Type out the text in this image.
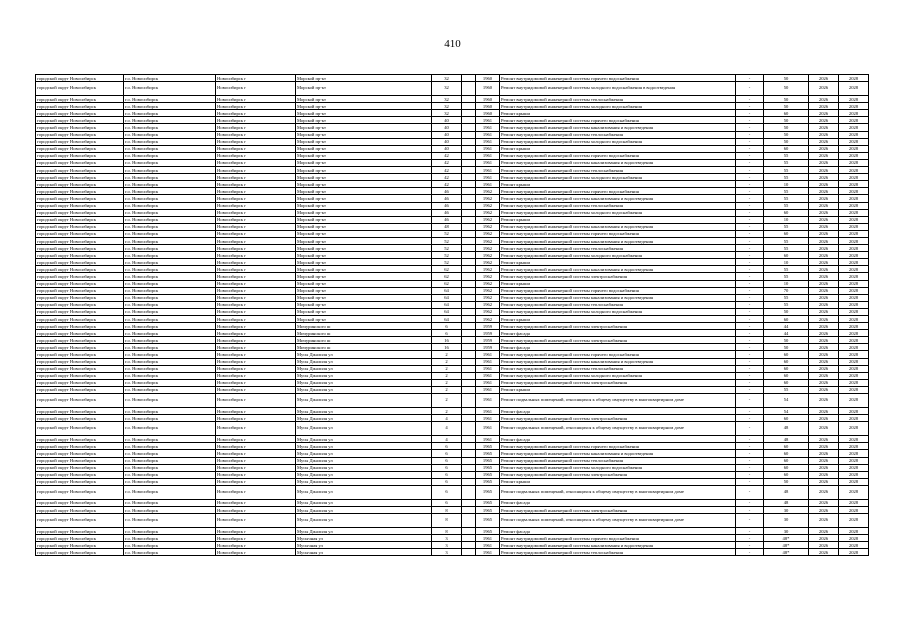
410
городской округ Новосибирск	г.о. Новосибирск	Новосибирск г	Морской пр-кт	32		1960	Ремонт внутридомовой инженерной системы горячего водоснабжения	-	50	2026	2028
городской округ Новосибирск	г.о. Новосибирск	Новосибирск г	Морской пр-кт	32		1960	Ремонт внутридомовой инженерной системы холодного водоснабжения в водоотведения	-	50	2026	2028
городской округ Новосибирск	г.о. Новосибирск	Новосибирск г	Морской пр-кт	32		1960	Ремонт внутридомовой инженерной системы теплоснабжения	-	50	2026	2028
городской округ Новосибирск	г.о. Новосибирск	Новосибирск г	Морской пр-кт	32		1960	Ремонт внутридомовой инженерной системы холодного водоснабжения	-	50	2026	2028
городской округ Новосибирск	г.о. Новосибирск	Новосибирск г	Морской пр-кт	32		1960	Ремонт крыши	-	60	2026	2028
городской округ Новосибирск	г.о. Новосибирск	Новосибирск г	Морской пр-кт	40		1961	Ремонт внутридомовой инженерной системы горячего водоснабжения	-	50	2026	2028
городской округ Новосибирск	г.о. Новосибирск	Новосибирск г	Морской пр-кт	40		1961	Ремонт внутридомовой инженерной системы канализования и водоотведения	-	50	2026	2028
городской округ Новосибирск	г.о. Новосибирск	Новосибирск г	Морской пр-кт	40		1961	Ремонт внутридомовой инженерной системы теплоснабжения	-	50	2026	2028
городской округ Новосибирск	г.о. Новосибирск	Новосибирск г	Морской пр-кт	40		1961	Ремонт внутридомовой инженерной системы холодного водоснабжения	-	50	2026	2028
городской округ Новосибирск	г.о. Новосибирск	Новосибирск г	Морской пр-кт	40		1961	Ремонт крыши	-	60	2026	2028
городской округ Новосибирск	г.о. Новосибирск	Новосибирск г	Морской пр-кт	42		1961	Ремонт внутридомовой инженерной системы горячего водоснабжения	-	55	2026	2028
городской округ Новосибирск	г.о. Новосибирск	Новосибирск г	Морской пр-кт	42		1961	Ремонт внутридомовой инженерной системы канализования и водоотведения	-	55	2026	2028
городской округ Новосибирск	г.о. Новосибирск	Новосибирск г	Морской пр-кт	42		1961	Ремонт внутридомовой инженерной системы теплоснабжения	-	55	2026	2028
городской округ Новосибирск	г.о. Новосибирск	Новосибирск г	Морской пр-кт	42		1961	Ремонт внутридомовой инженерной системы холодного водоснабжения	-	55	2026	2028
городской округ Новосибирск	г.о. Новосибирск	Новосибирск г	Морской пр-кт	42		1961	Ремонт крыши	-	10	2026	2028
городской округ Новосибирск	г.о. Новосибирск	Новосибирск г	Морской пр-кт	46		1962	Ремонт внутридомовой инженерной системы горячего водоснабжения	-	55	2026	2028
городской округ Новосибирск	г.о. Новосибирск	Новосибирск г	Морской пр-кт	46		1962	Ремонт внутридомовой инженерной системы канализования и водоотведения	-	55	2026	2028
городской округ Новосибирск	г.о. Новосибирск	Новосибирск г	Морской пр-кт	46		1962	Ремонт внутридомовой инженерной системы теплоснабжения	-	55	2026	2028
городской округ Новосибирск	г.о. Новосибирск	Новосибирск г	Морской пр-кт	46		1962	Ремонт внутридомовой инженерной системы холодного водоснабжения	-	60	2026	2028
городской округ Новосибирск	г.о. Новосибирск	Новосибирск г	Морской пр-кт	46		1962	Ремонт крыши	-	10	2026	2028
городской округ Новосибирск	г.о. Новосибирск	Новосибирск г	Морской пр-кт	48		1962	Ремонт внутридомовой инженерной системы канализования и водоотведения	-	55	2026	2028
городской округ Новосибирск	г.о. Новосибирск	Новосибирск г	Морской пр-кт	52		1962	Ремонт внутридомовой инженерной системы горячего водоснабжения	-	60	2026	2028
городской округ Новосибирск	г.о. Новосибирск	Новосибирск г	Морской пр-кт	52		1962	Ремонт внутридомовой инженерной системы канализования и водоотведения	-	55	2026	2028
городской округ Новосибирск	г.о. Новосибирск	Новосибирск г	Морской пр-кт	52		1962	Ремонт внутридомовой инженерной системы теплоснабжения	-	55	2026	2028
городской округ Новосибирск	г.о. Новосибирск	Новосибирск г	Морской пр-кт	52		1962	Ремонт внутридомовой инженерной системы холодного водоснабжения	-	60	2026	2028
городской округ Новосибирск	г.о. Новосибирск	Новосибирск г	Морской пр-кт	52		1962	Ремонт крыши	-	10	2026	2028
городской округ Новосибирск	г.о. Новосибирск	Новосибирск г	Морской пр-кт	62		1962	Ремонт внутридомовой инженерной системы канализования и водоотведения	-	55	2026	2028
городской округ Новосибирск	г.о. Новосибирск	Новосибирск г	Морской пр-кт	62		1962	Ремонт внутридомовой инженерной системы электроснабжения	-	55	2026	2028
городской округ Новосибирск	г.о. Новосибирск	Новосибирск г	Морской пр-кт	62		1962	Ремонт крыши	-	10	2026	2028
городской округ Новосибирск	г.о. Новосибирск	Новосибирск г	Морской пр-кт	64		1962	Ремонт внутридомовой инженерной системы горячего водоснабжения	-	70	2026	2028
городской округ Новосибирск	г.о. Новосибирск	Новосибирск г	Морской пр-кт	64		1962	Ремонт внутридомовой инженерной системы канализования и водоотведения	-	55	2026	2028
городской округ Новосибирск	г.о. Новосибирск	Новосибирск г	Морской пр-кт	64		1962	Ремонт внутридомовой инженерной системы теплоснабжения	-	55	2026	2028
городской округ Новосибирск	г.о. Новосибирск	Новосибирск г	Морской пр-кт	64		1962	Ремонт внутридомовой инженерной системы холодного водоснабжения	-	50	2026	2028
городской округ Новосибирск	г.о. Новосибирск	Новосибирск г	Морской пр-кт	64		1962	Ремонт крыши	-	60	2026	2028
городской округ Новосибирск	г.о. Новосибирск	Новосибирск г	Мичуринского ш	6		1959	Ремонт внутридомовой инженерной системы электроснабжения	-	44	2026	2028
городской округ Новосибирск	г.о. Новосибирск	Новосибирск г	Мичуринского ш	6		1959	Ремонт фасада	-	44	2026	2028
городской округ Новосибирск	г.о. Новосибирск	Новосибирск г	Мичуринского ш	16		1959	Ремонт внутридомовой инженерной системы электроснабжения	-	50	2026	2028
городской округ Новосибирск	г.о. Новосибирск	Новосибирск г	Мичуринского ш	16		1959	Ремонт фасада	-	50	2026	2028
городской округ Новосибирск	г.о. Новосибирск	Новосибирск г	Мусы Джалиля ул	2		1961	Ремонт внутридомовой инженерной системы горячего водоснабжения	-	60	2026	2028
городской округ Новосибирск	г.о. Новосибирск	Новосибирск г	Мусы Джалиля ул	2		1961	Ремонт внутридомовой инженерной системы канализования и водоотведения	-	60	2026	2028
городской округ Новосибирск	г.о. Новосибирск	Новосибирск г	Мусы Джалиля ул	2		1961	Ремонт внутридомовой инженерной системы теплоснабжения	-	60	2026	2028
городской округ Новосибирск	г.о. Новосибирск	Новосибирск г	Мусы Джалиля ул	2		1961	Ремонт внутридомовой инженерной системы холодного водоснабжения	-	60	2026	2028
городской округ Новосибирск	г.о. Новосибирск	Новосибирск г	Мусы Джалиля ул	2		1961	Ремонт внутридомовой инженерной системы электроснабжения	-	60	2026	2028
городской округ Новосибирск	г.о. Новосибирск	Новосибирск г	Мусы Джалиля ул	2		1961	Ремонт крыши	-	55	2026	2028
городской округ Новосибирск	г.о. Новосибирск	Новосибирск г	Мусы Джалиля ул	2		1961	Ремонт подвальных помещений, относящихся к общему имуществу в многоквартирном доме	-	54	2026	2028
городской округ Новосибирск	г.о. Новосибирск	Новосибирск г	Мусы Джалиля ул	2		1961	Ремонт фасада	-	54	2026	2028
городской округ Новосибирск	г.о. Новосибирск	Новосибирск г	Мусы Джалиля ул	4		1961	Ремонт внутридомовой инженерной системы электроснабжения	-	60	2026	2028
городской округ Новосибирск	г.о. Новосибирск	Новосибирск г	Мусы Джалиля ул	4		1961	Ремонт подвальных помещений, относящихся к общему имуществу в многоквартирном доме	-	48	2026	2028
городской округ Новосибирск	г.о. Новосибирск	Новосибирск г	Мусы Джалиля ул	4		1961	Ремонт фасада	-	48	2026	2028
городской округ Новосибирск	г.о. Новосибирск	Новосибирск г	Мусы Джалиля ул	6		1965	Ремонт внутридомовой инженерной системы горячего водоснабжения	-	60	2026	2028
городской округ Новосибирск	г.о. Новосибирск	Новосибирск г	Мусы Джалиля ул	6		1965	Ремонт внутридомовой инженерной системы канализования и водоотведения	-	60	2026	2028
городской округ Новосибирск	г.о. Новосибирск	Новосибирск г	Мусы Джалиля ул	6		1965	Ремонт внутридомовой инженерной системы теплоснабжения	-	60	2026	2028
городской округ Новосибирск	г.о. Новосибирск	Новосибирск г	Мусы Джалиля ул	6		1965	Ремонт внутридомовой инженерной системы холодного водоснабжения	-	60	2026	2028
городской округ Новосибирск	г.о. Новосибирск	Новосибирск г	Мусы Джалиля ул	6		1965	Ремонт внутридомовой инженерной системы электроснабжения	-	60	2026	2028
городской округ Новосибирск	г.о. Новосибирск	Новосибирск г	Мусы Джалиля ул	6		1965	Ремонт крыши	-	50	2026	2028
городской округ Новосибирск	г.о. Новосибирск	Новосибирск г	Мусы Джалиля ул	6		1965	Ремонт подвальных помещений, относящихся к общему имуществу в многоквартирном доме	-	48	2026	2028
городской округ Новосибирск	г.о. Новосибирск	Новосибирск г	Мусы Джалиля ул	6		1965	Ремонт фасада	-	48	2026	2028
городской округ Новосибирск	г.о. Новосибирск	Новосибирск г	Мусы Джалиля ул	8		1965	Ремонт внутридомовой инженерной системы электроснабжения	-	30	2026	2028
городской округ Новосибирск	г.о. Новосибирск	Новосибирск г	Мусы Джалиля ул	8		1965	Ремонт подвальных помещений, относящихся к общему имуществу в многоквартирном доме	-	30	2026	2028
городской округ Новосибирск	г.о. Новосибирск	Новосибирск г	Мусы Джалиля ул	8		1965	Ремонт фасада	-	30	2026	2028
городской округ Новосибирск	г.о. Новосибирск	Новосибирск г	Мусычная ул	3		1961	Ремонт внутридомовой инженерной системы горячего водоснабжения	-	48*	2026	2028
городской округ Новосибирск	г.о. Новосибирск	Новосибирск г	Мусычная ул	3		1961	Ремонт внутридомовой инженерной системы канализования и водоотведения	-	48*	2026	2028
городской округ Новосибирск	г.о. Новосибирск	Новосибирск г	Мусычная ул	3		1961	Ремонт внутридомовой инженерной системы теплоснабжения	-	48*	2026	2028
